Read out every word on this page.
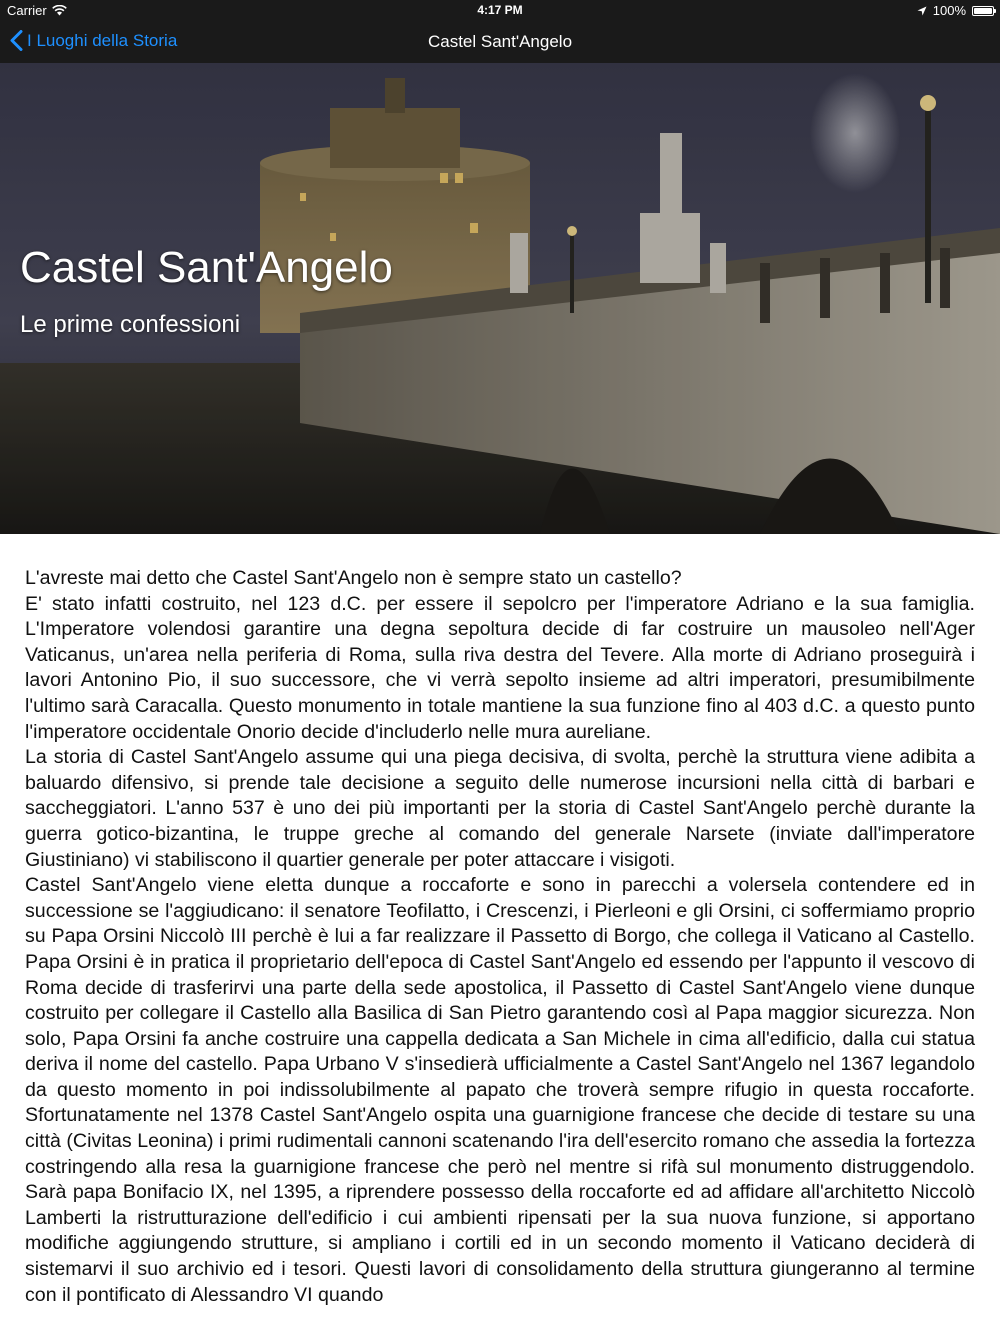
Carrier	4:17 PM	100%
I Luoghi della Storia	Castel Sant'Angelo
Castel Sant'Angelo
Le prime confessioni

L'avreste mai detto che Castel Sant'Angelo non è sempre stato un castello?

E' stato infatti costruito, nel 123 d.C. per essere il sepolcro per l'imperatore Adriano e la sua famiglia. L'Imperatore volendosi garantire una degna sepoltura decide di far costruire un mausoleo nell'Ager Vaticanus, un'area nella periferia di Roma, sulla riva destra del Tevere. Alla morte di Adriano proseguirà i lavori Antonino Pio, il suo successore, che vi verrà sepolto insieme ad altri imperatori, presumibilmente l'ultimo sarà Caracalla. Questo monumento in totale mantiene la sua funzione fino al 403 d.C. a questo punto l'imperatore occidentale Onorio decide d'includerlo nelle mura aureliane.

La storia di Castel Sant'Angelo assume qui una piega decisiva, di svolta, perchè la struttura viene adibita a baluardo difensivo, si prende tale decisione a seguito delle numerose incursioni nella città di barbari e saccheggiatori. L'anno 537 è uno dei più importanti per la storia di Castel Sant'Angelo perchè durante la guerra gotico-bizantina, le truppe greche al comando del generale Narsete (inviate dall'imperatore Giustiniano) vi stabiliscono il quartier generale per poter attaccare i visigoti.

Castel Sant'Angelo viene eletta dunque a roccaforte e sono in parecchi a volersela contendere ed in successione se l'aggiudicano: il senatore Teofilatto, i Crescenzi, i Pierleoni e gli Orsini, ci soffermiamo proprio su Papa Orsini Niccolò III perchè è lui a far realizzare il Passetto di Borgo, che collega il Vaticano al Castello. Papa Orsini è in pratica il proprietario dell'epoca di Castel Sant'Angelo ed essendo per l'appunto il vescovo di Roma decide di trasferirvi una parte della sede apostolica, il Passetto di Castel Sant'Angelo viene dunque costruito per collegare il Castello alla Basilica di San Pietro garantendo così al Papa maggior sicurezza. Non solo, Papa Orsini fa anche costruire una cappella dedicata a San Michele in cima all'edificio, dalla cui statua deriva il nome del castello. Papa Urbano V s'insedierà ufficialmente a Castel Sant'Angelo nel 1367 legandolo da questo momento in poi indissolubilmente al papato che troverà sempre rifugio in questa roccaforte. Sfortunatamente nel 1378 Castel Sant'Angelo ospita una guarnigione francese che decide di testare su una città (Civitas Leonina) i primi rudimentali cannoni scatenando l'ira dell'esercito romano che assedia la fortezza costringendo alla resa la guarnigione francese che però nel mentre si rifà sul monumento distruggendolo. Sarà papa Bonifacio IX, nel 1395, a riprendere possesso della roccaforte ed ad affidare all'architetto Niccolò Lamberti la ristrutturazione dell'edificio i cui ambienti ripensati per la sua nuova funzione, si apportano modifiche aggiungendo strutture, si ampliano i cortili ed in un secondo momento il Vaticano deciderà di sistemarvi il suo archivio ed i tesori. Questi lavori di consolidamento della struttura giungeranno al termine con il pontificato di Alessandro VI quando
